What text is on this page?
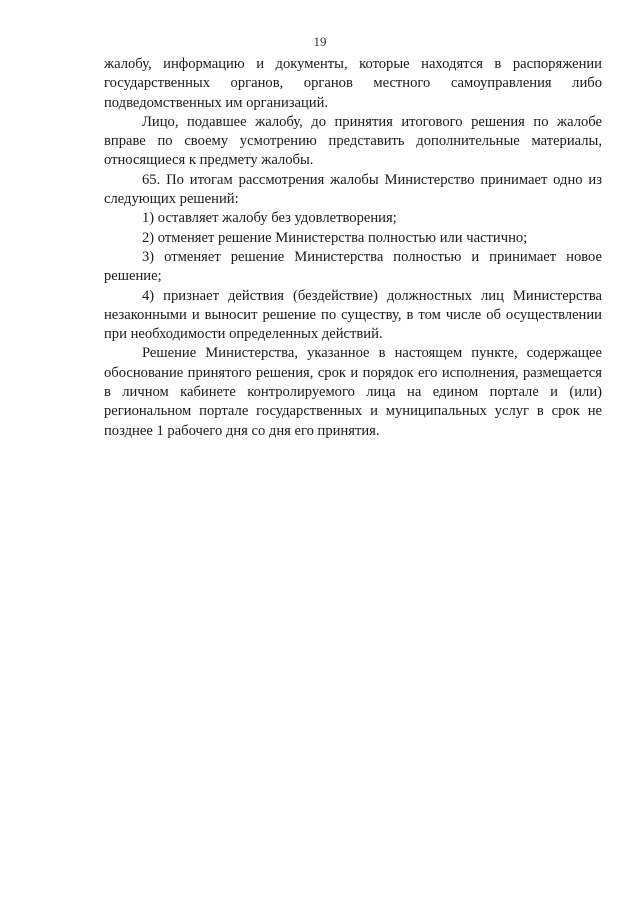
19

жалобу, информацию и документы, которые находятся в распоряжении государственных органов, органов местного самоуправления либо подведомственных им организаций.

Лицо, подавшее жалобу, до принятия итогового решения по жалобе вправе по своему усмотрению представить дополнительные материалы, относящиеся к предмету жалобы.

65. По итогам рассмотрения жалобы Министерство принимает одно из следующих решений:

1) оставляет жалобу без удовлетворения;

2) отменяет решение Министерства полностью или частично;

3) отменяет решение Министерства полностью и принимает новое решение;

4) признает действия (бездействие) должностных лиц Министерства незаконными и выносит решение по существу, в том числе об осуществлении при необходимости определенных действий.

Решение Министерства, указанное в настоящем пункте, содержащее обоснование принятого решения, срок и порядок его исполнения, размещается в личном кабинете контролируемого лица на едином портале и (или) региональном портале государственных и муниципальных услуг в срок не позднее 1 рабочего дня со дня его принятия.
